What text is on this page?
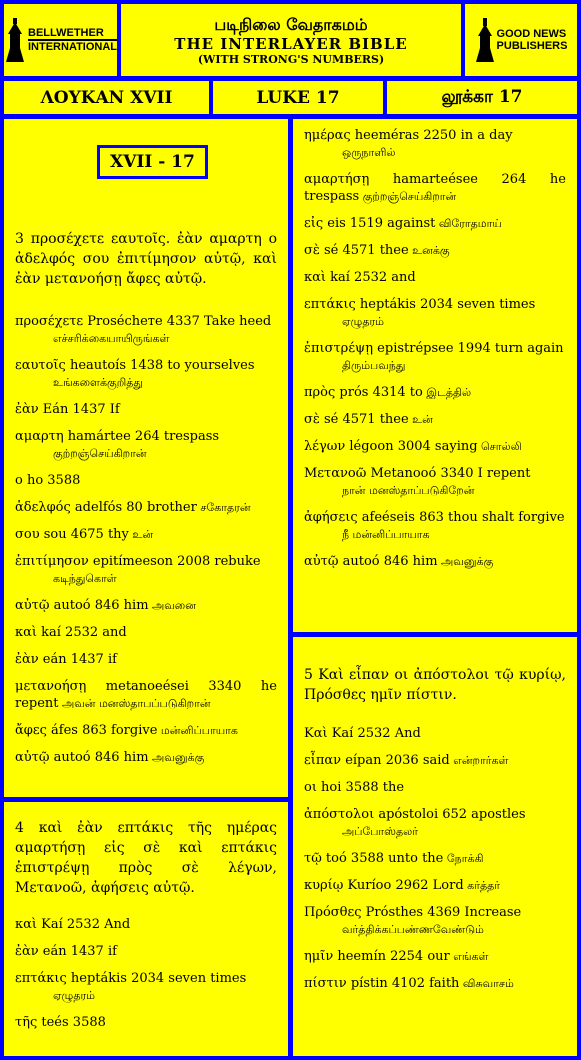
BELLWETHER
INTERNATIONAL
படிநிலை வேதாகமம்
THE INTERLAYER BIBLE
(WITH STRONG'S NUMBERS)
GOOD NEWS
PUBLISHERS
ΛΟΥΚΑΝ XVII	LUKE 17	லூக்கா 17
XVII - 17

3 προσέχετε εαυτοῖς. ἐὰν αμαρτη ο ἀδελφός σου ἐπιτίμησον αὐτῷ, καὶ ἐὰν μετανοήσῃ ἄφες αὐτῷ.

προσέχετε Prosécheте 4337 Take heed
எச்சரிக்கையாயிருங்கள்
εαυτοῖς heautoís 1438 to yourselves
உங்களைக்குறித்து
ἐὰν Eán 1437 If
αμαρτη hamártee 264 trespass
குற்றஞ்செய்கிறான்
ο ho 3588
ἀδελφός adelfós 80 brother சகோதரன்
σου sou 4675 thy உன்
ἐπιτίμησον epitímeeson 2008 rebuke
கடிந்துகொள்
αὐτῷ autoó 846 him அவனை
καὶ kaí 2532 and
ἐὰν eán 1437 if
μετανοήσῃ metanoeései 3340 he repent அவன் மனஸ்தாபப்படுகிறான்
ἄφες áfes 863 forgive மன்னிப்பாயாக
αὐτῷ autoó 846 him அவனுக்கு

4 καὶ ἐὰν επτάκις τῆς ημέρας αμαρτήσῃ εἰς σὲ καὶ επτάκις ἐπιστρέψῃ πρὸς σὲ λέγων, Μετανοῶ, ἀφήσεις αὐτῷ.

καὶ Kaí 2532 And
ἐὰν eán 1437 if
επτάκις heptákis 2034 seven times
ஏழுதரம்
τῆς teés 3588
ημέρας heeméras 2250 in a day
ஒருநாளில்
αμαρτήσῃ hamarteésee 264 he trespass குற்றஞ்செய்கிறான்
εἰς eis 1519 against விரோதமாய்
σὲ sé 4571 thee உனக்கு
καὶ kaí 2532 and
επτάκις heptákis 2034 seven times
ஏழுதரம்
ἐπιστρέψῃ epistrépsee 1994 turn again
திரும்பவந்து
πρὸς prós 4314 to இடத்தில்
σὲ sé 4571 thee உன்
λέγων légoon 3004 saying சொல்லி
Μετανοῶ Metanooó 3340 I repent
நான் மனஸ்தாப்படுகிறேன்
ἀφήσεις afeéseis 863 thou shalt forgive
நீ மன்னிப்பாயாக
αὐτῷ autoó 846 him அவனுக்கு

5 Καὶ εἶπαν οι ἀπόστολοι τῷ κυρίῳ, Πρόσθες ημῖν πίστιν.

Καὶ Kaí 2532 And
εἶπαν eípan 2036 said என்றார்கள்
οι hoi 3588 the
ἀπόστολοι apóstoloi 652 apostles
அப்போஸ்தலர்
τῷ toó 3588 unto the நோக்கி
κυρίῳ Kuríoo 2962 Lord கர்த்தர்
Πρόσθες Prósthes 4369 Increase
வர்த்திக்கப்பண்ணவேண்டும்
ημῖν heemín 2254 our எங்கள்
πίστιν pístin 4102 faith விசுவாசம்
